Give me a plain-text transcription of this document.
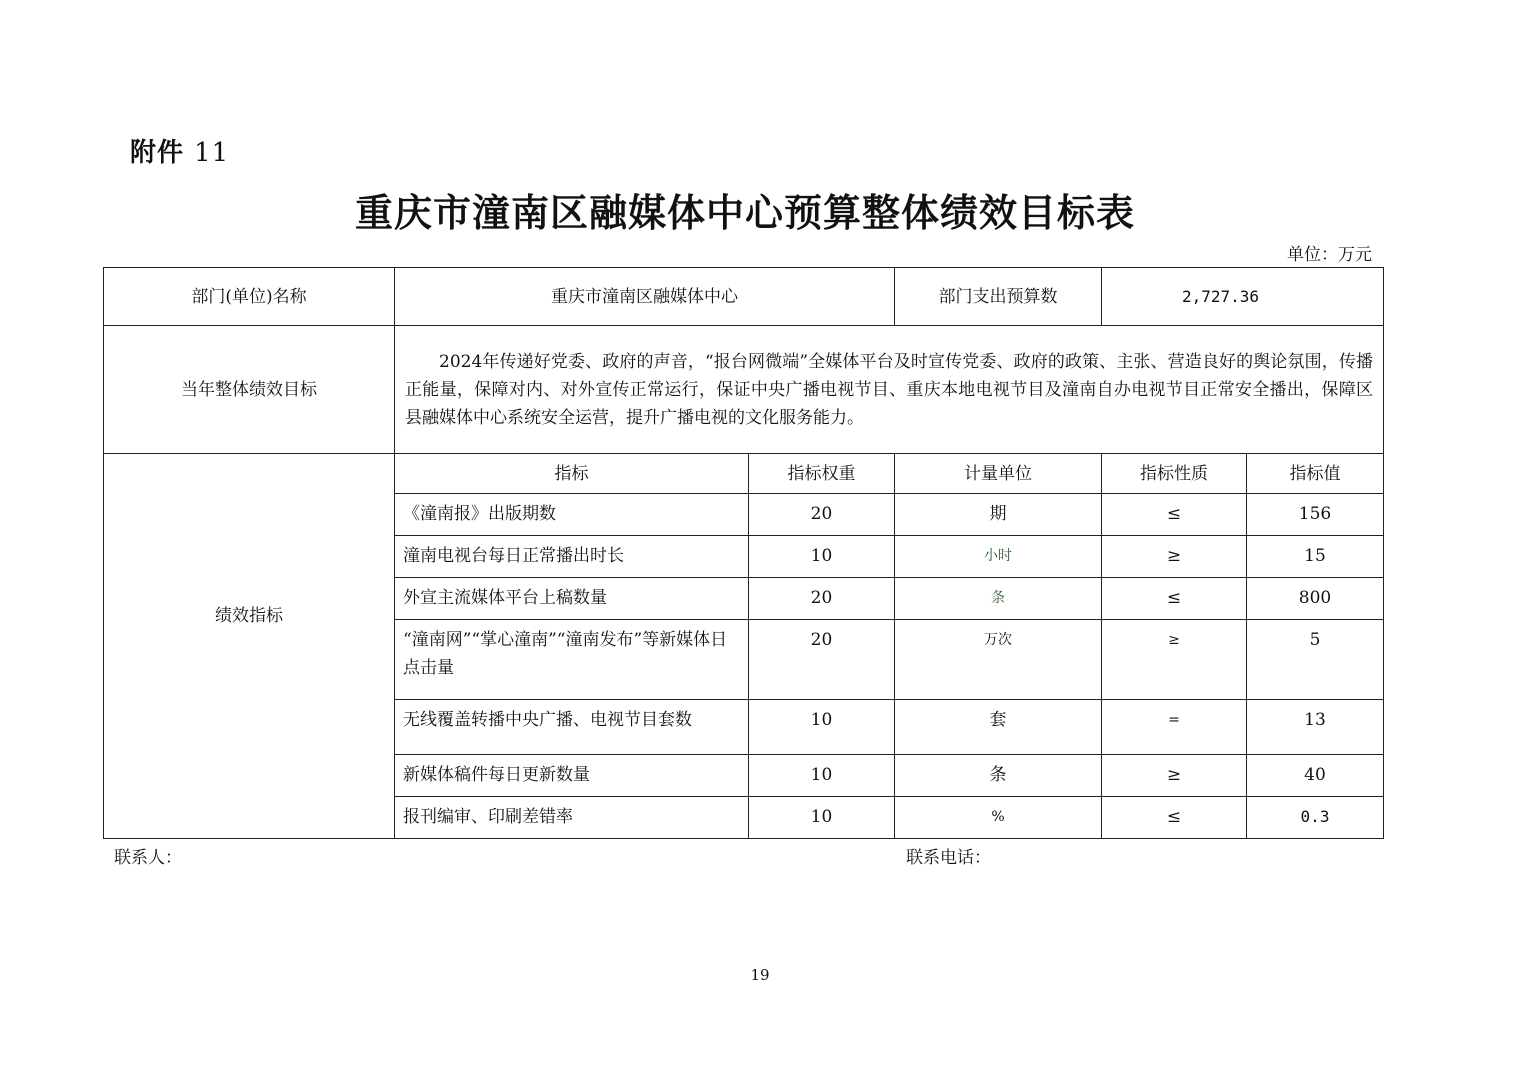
附件 11
重庆市潼南区融媒体中心预算整体绩效目标表
单位：万元
部门(单位)名称	重庆市潼南区融媒体中心		部门支出预算数	2,727.36	
当年整体绩效目标	2024年传递好党委、政府的声音，“报台网微端”全媒体平台及时宣传党委、政府的政策、主张、营造良好的舆论氛围，传播正能量，保障对内、对外宣传正常运行，保证中央广播电视节目、重庆本地电视节目及潼南自办电视节目正常安全播出，保障区县融媒体中心系统安全运营，提升广播电视的文化服务能力。				
绩效指标	指标	指标权重	计量单位	指标性质	指标值
	《潼南报》出版期数	20	期	≤	156
	潼南电视台每日正常播出时长	10	小时	≥	15
	外宣主流媒体平台上稿数量	20	条	≤	800
	“潼南网”“掌心潼南”“潼南发布”等新媒体日点击量	20	万次	≥	5
	无线覆盖转播中央广播、电视节目套数	10	套	=	13
	新媒体稿件每日更新数量	10	条	≥	40
	报刊编审、印刷差错率	10	%	≤	0.3
联系人：	联系电话：
19
